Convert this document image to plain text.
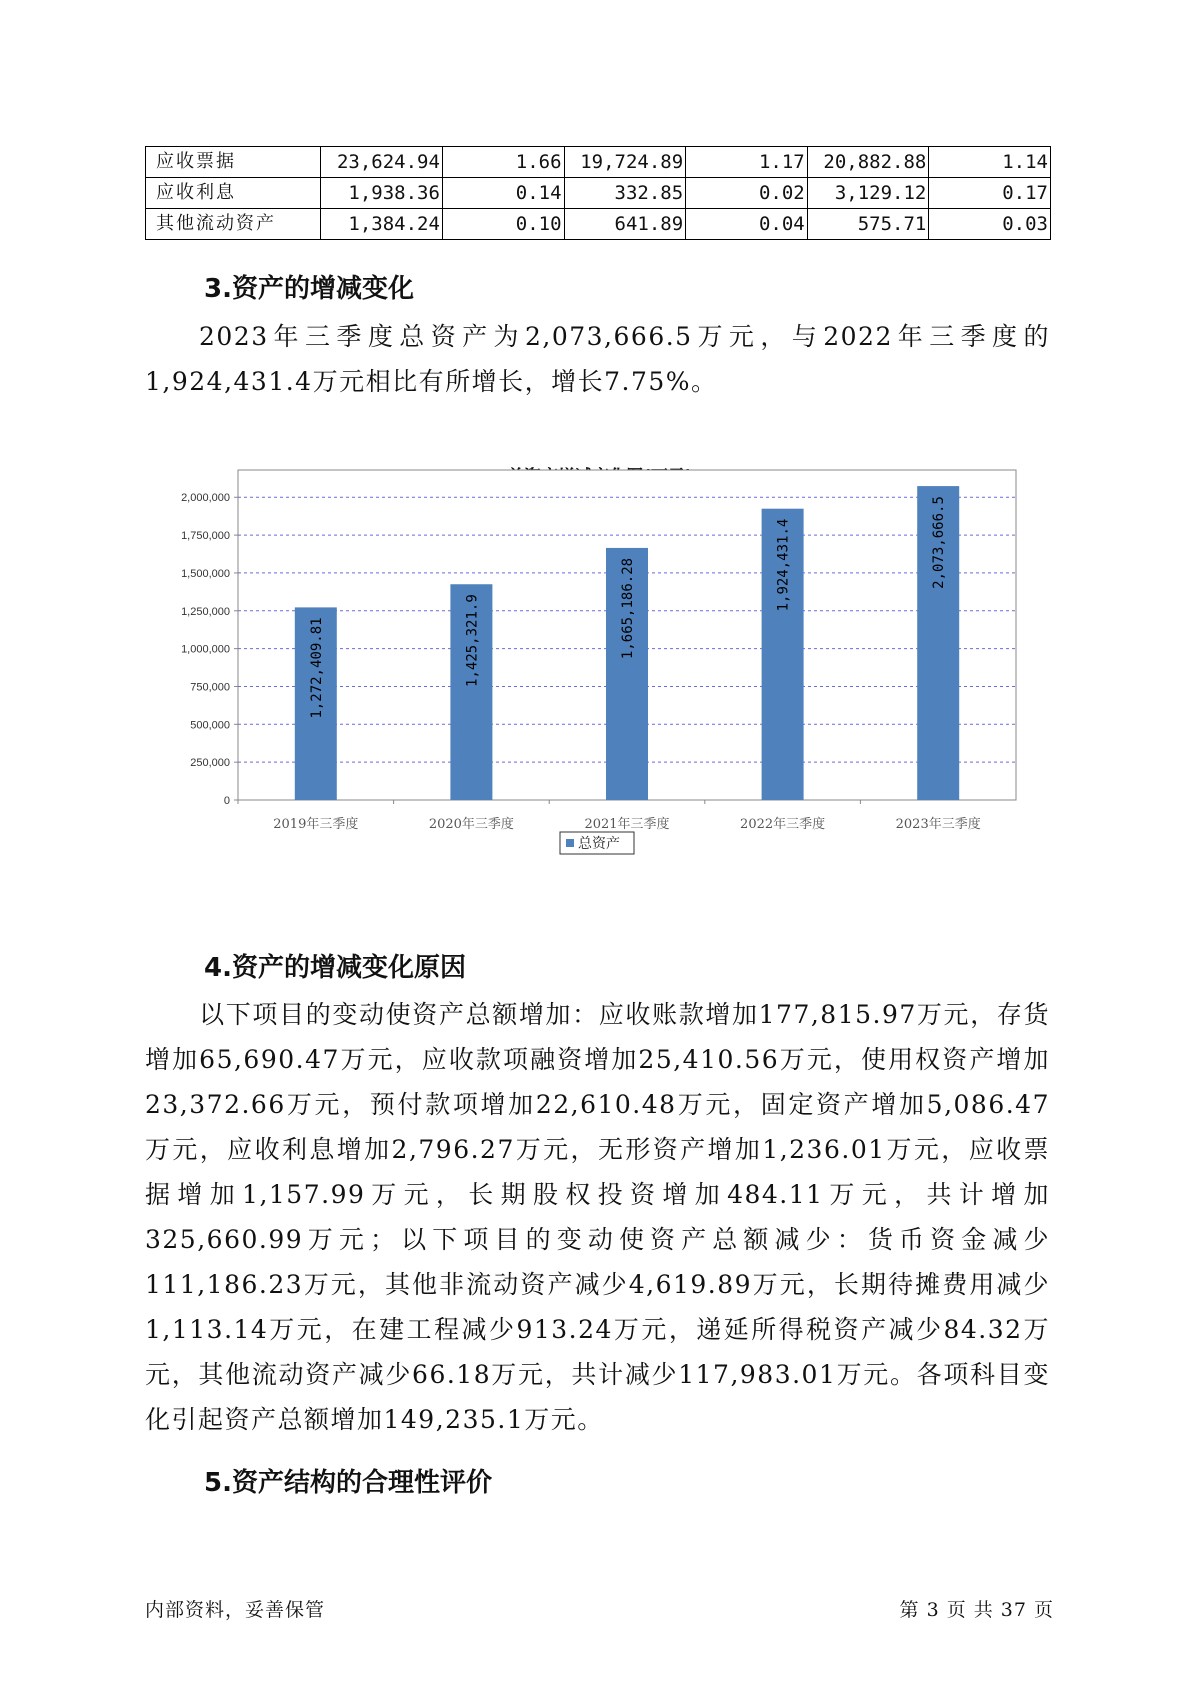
应收票据	23,624.94	1.66	19,724.89	1.17	20,882.88	1.14
应收利息	1,938.36	0.14	332.85	0.02	3,129.12	0.17
其他流动资产	1,384.24	0.10	641.89	0.04	575.71	0.03
3.资产的增减变化
2023年三季度总资产为2,073,666.5万元，与2022年三季度的1,924,431.4万元相比有所增长，增长7.75%。
0
250,000
500,000
750,000
1,000,000
1,250,000
1,500,000
1,750,000
2,000,000
1,272,409.81
2019年三季度
1,425,321.9
2020年三季度
1,665,186.28
2021年三季度
1,924,431.4
2022年三季度
2,073,666.5
2023年三季度
总资产
4.资产的增减变化原因
以下项目的变动使资产总额增加：应收账款增加177,815.97万元，存货增加65,690.47万元，应收款项融资增加25,410.56万元，使用权资产增加23,372.66万元，预付款项增加22,610.48万元，固定资产增加5,086.47万元，应收利息增加2,796.27万元，无形资产增加1,236.01万元，应收票据增加1,157.99万元，长期股权投资增加484.11万元，共计增加325,660.99万元；以下项目的变动使资产总额减少：货币资金减少111,186.23万元，其他非流动资产减少4,619.89万元，长期待摊费用减少1,113.14万元，在建工程减少913.24万元，递延所得税资产减少84.32万元，其他流动资产减少66.18万元，共计减少117,983.01万元。各项科目变化引起资产总额增加149,235.1万元。
5.资产结构的合理性评价
内部资料，妥善保管	第 3 页 共 37 页
